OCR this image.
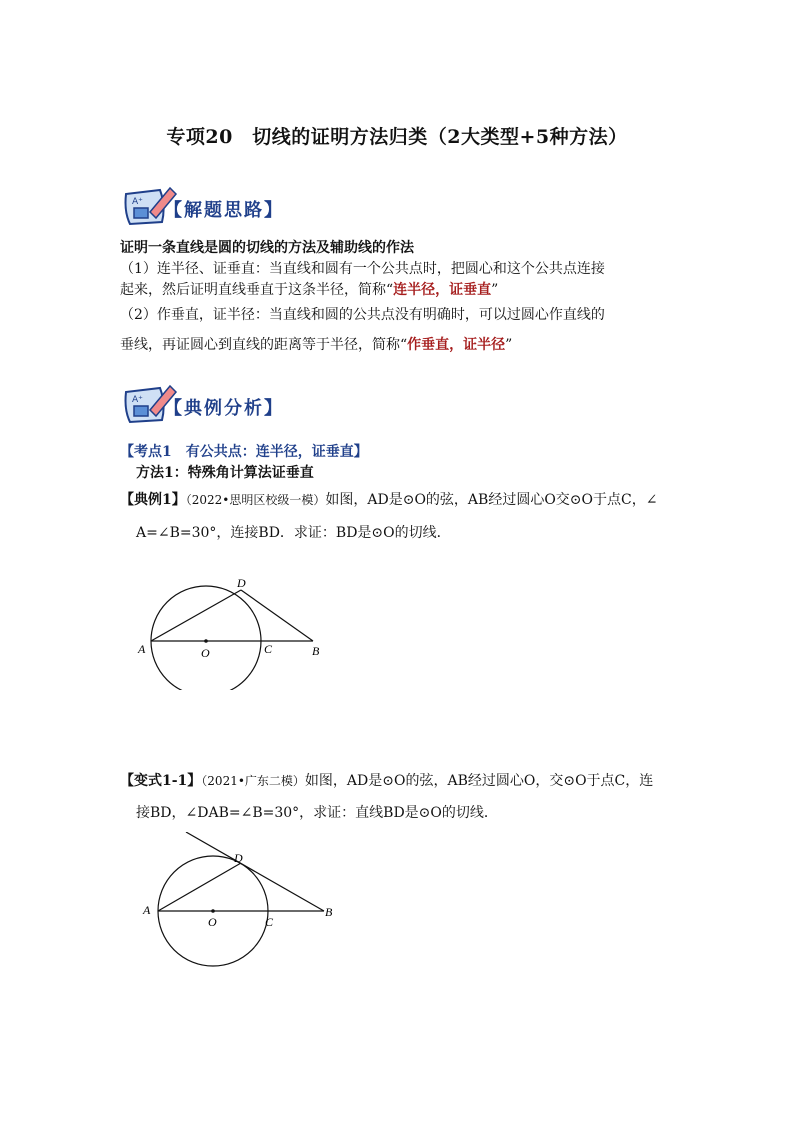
专项20　切线的证明方法归类（2大类型+5种方法）
A⁺ 【解题思路】
证明一条直线是圆的切线的方法及辅助线的作法
（1）连半径、证垂直：当直线和圆有一个公共点时，把圆心和这个公共点连接
起来，然后证明直线垂直于这条半径，简称“连半径，证垂直”
（2）作垂直，证半径：当直线和圆的公共点没有明确时，可以过圆心作直线的
垂线，再证圆心到直线的距离等于半径，简称“作垂直，证半径”
A⁺ 【典例分析】
【考点1　有公共点：连半径，证垂直】
方法1：特殊角计算法证垂直
【典例1】（2022•思明区校级一模）如图，AD是⊙O的弦，AB经过圆心O交⊙O于点C，∠
A=∠B=30°，连接BD．求证：BD是⊙O的切线．
A	O	C	B
D
【变式1-1】（2021•广东二模）如图，AD是⊙O的弦，AB经过圆心O，交⊙O于点C，连
接BD，∠DAB=∠B=30°，求证：直线BD是⊙O的切线．
A
O	C
B
D
